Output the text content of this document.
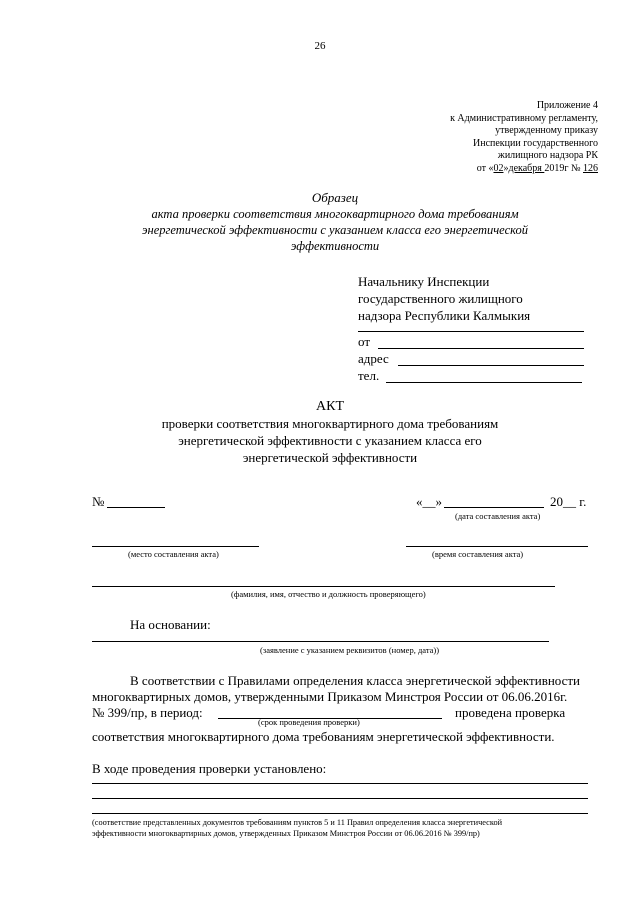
26
Приложение 4
к Административному регламенту,
утвержденному приказу
Инспекции государственного
жилищного надзора РК
от «02»декабря 2019г № 126
Образец
акта проверки соответствия многоквартирного дома требованиям
энергетической эффективности с указанием класса его энергетической
эффективности
Начальнику Инспекции
государственного жилищного
надзора Республики Калмыкия
от
адрес
тел.
АКТ
проверки соответствия многоквартирного дома требованиям
энергетической эффективности с указанием класса его
энергетической эффективности
№	«__»	20__ г.
(дата составления акта)
(место составления акта)	(время составления акта)
(фамилия, имя, отчество и должность проверяющего)
На основании:
(заявление с указанием реквизитов (номер, дата))
В соответствии с Правилами определения класса энергетической эффективности
многоквартирных домов, утвержденными Приказом Минстроя России от 06.06.2016г.
№ 399/пр, в период:	проведена проверка
(срок проведения проверки)
соответствия многоквартирного дома требованиям энергетической эффективности.
В ходе проведения проверки установлено:
(соответствие представленных документов требованиям пунктов 5 и 11 Правил определения класса энергетической
эффективности многоквартирных домов, утвержденных Приказом Минстроя России от 06.06.2016 № 399/пр)
